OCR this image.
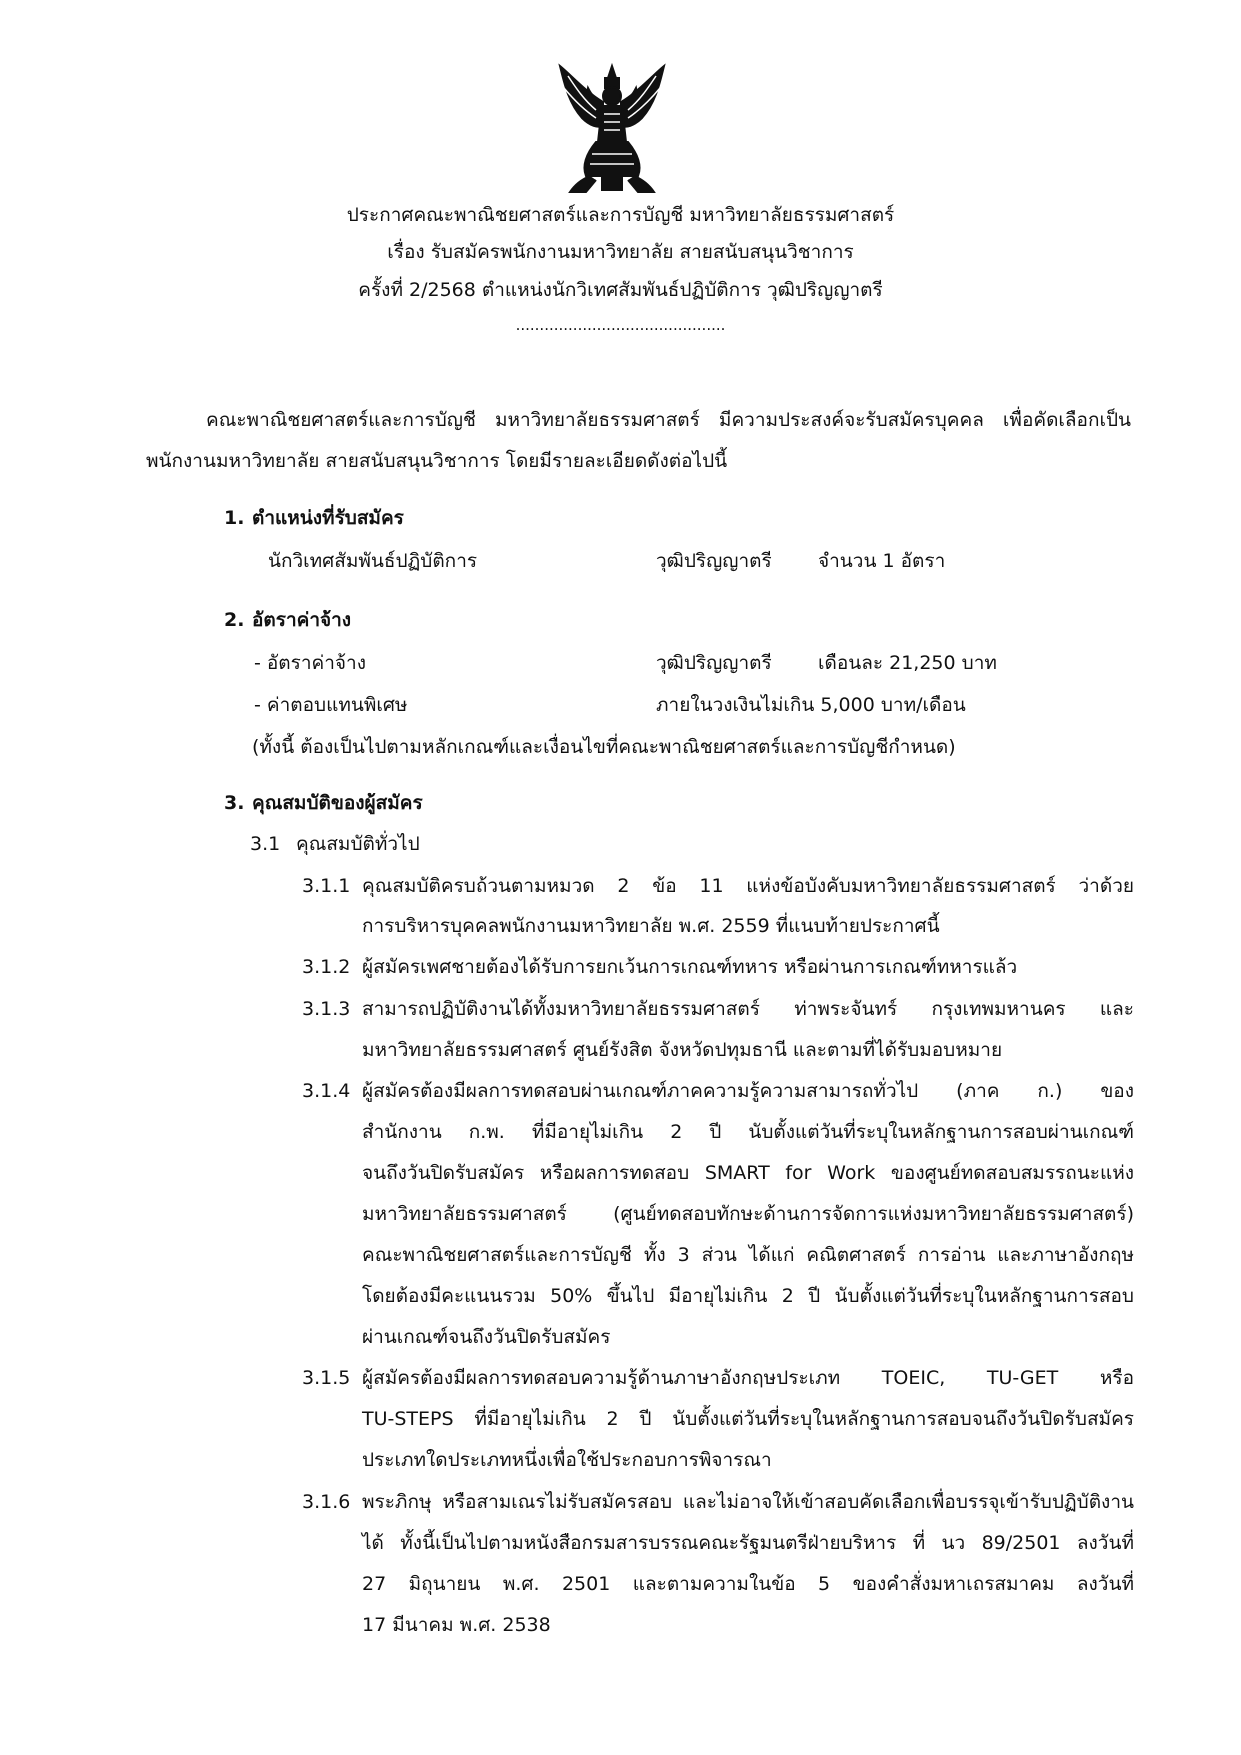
ประกาศคณะพาณิชยศาสตร์และการบัญชี มหาวิทยาลัยธรรมศาสตร์
เรื่อง รับสมัครพนักงานมหาวิทยาลัย สายสนับสนุนวิชาการ
ครั้งที่ 2/2568 ตำแหน่งนักวิเทศสัมพันธ์ปฏิบัติการ วุฒิปริญญาตรี
............................................
คณะพาณิชยศาสตร์และการบัญชี มหาวิทยาลัยธรรมศาสตร์ มีความประสงค์จะรับสมัครบุคคล เพื่อคัดเลือกเป็น
พนักงานมหาวิทยาลัย สายสนับสนุนวิชาการ โดยมีรายละเอียดดังต่อไปนี้
1. ตำแหน่งที่รับสมัคร
นักวิเทศสัมพันธ์ปฏิบัติการ	วุฒิปริญญาตรี จำนวน 1 อัตรา
2. อัตราค่าจ้าง
- อัตราค่าจ้าง	วุฒิปริญญาตรี เดือนละ 21,250 บาท
- ค่าตอบแทนพิเศษ	ภายในวงเงินไม่เกิน 5,000 บาท/เดือน
(ทั้งนี้ ต้องเป็นไปตามหลักเกณฑ์และเงื่อนไขที่คณะพาณิชยศาสตร์และการบัญชีกำหนด)
3. คุณสมบัติของผู้สมัคร
3.1 คุณสมบัติทั่วไป
3.1.1 คุณสมบัติครบถ้วนตามหมวด 2 ข้อ 11 แห่งข้อบังคับมหาวิทยาลัยธรรมศาสตร์ ว่าด้วย
การบริหารบุคคลพนักงานมหาวิทยาลัย พ.ศ. 2559 ที่แนบท้ายประกาศนี้
3.1.2 ผู้สมัครเพศชายต้องได้รับการยกเว้นการเกณฑ์ทหาร หรือผ่านการเกณฑ์ทหารแล้ว
3.1.3 สามารถปฏิบัติงานได้ทั้งมหาวิทยาลัยธรรมศาสตร์ ท่าพระจันทร์ กรุงเทพมหานคร และ
มหาวิทยาลัยธรรมศาสตร์ ศูนย์รังสิต จังหวัดปทุมธานี และตามที่ได้รับมอบหมาย
3.1.4 ผู้สมัครต้องมีผลการทดสอบผ่านเกณฑ์ภาคความรู้ความสามารถทั่วไป (ภาค ก.) ของ
สำนักงาน ก.พ. ที่มีอายุไม่เกิน 2 ปี นับตั้งแต่วันที่ระบุในหลักฐานการสอบผ่านเกณฑ์
จนถึงวันปิดรับสมัคร หรือผลการทดสอบ SMART for Work ของศูนย์ทดสอบสมรรถนะแห่ง
มหาวิทยาลัยธรรมศาสตร์ (ศูนย์ทดสอบทักษะด้านการจัดการแห่งมหาวิทยาลัยธรรมศาสตร์)
คณะพาณิชยศาสตร์และการบัญชี ทั้ง 3 ส่วน ได้แก่ คณิตศาสตร์ การอ่าน และภาษาอังกฤษ
โดยต้องมีคะแนนรวม 50% ขึ้นไป มีอายุไม่เกิน 2 ปี นับตั้งแต่วันที่ระบุในหลักฐานการสอบ
ผ่านเกณฑ์จนถึงวันปิดรับสมัคร
3.1.5 ผู้สมัครต้องมีผลการทดสอบความรู้ด้านภาษาอังกฤษประเภท TOEIC, TU-GET หรือ
TU-STEPS ที่มีอายุไม่เกิน 2 ปี นับตั้งแต่วันที่ระบุในหลักฐานการสอบจนถึงวันปิดรับสมัคร
ประเภทใดประเภทหนึ่งเพื่อใช้ประกอบการพิจารณา
3.1.6 พระภิกษุ หรือสามเณรไม่รับสมัครสอบ และไม่อาจให้เข้าสอบคัดเลือกเพื่อบรรจุเข้ารับปฏิบัติงาน
ได้ ทั้งนี้เป็นไปตามหนังสือกรมสารบรรณคณะรัฐมนตรีฝ่ายบริหาร ที่ นว 89/2501 ลงวันที่
27 มิถุนายน พ.ศ. 2501 และตามความในข้อ 5 ของคำสั่งมหาเถรสมาคม ลงวันที่
17 มีนาคม พ.ศ. 2538
